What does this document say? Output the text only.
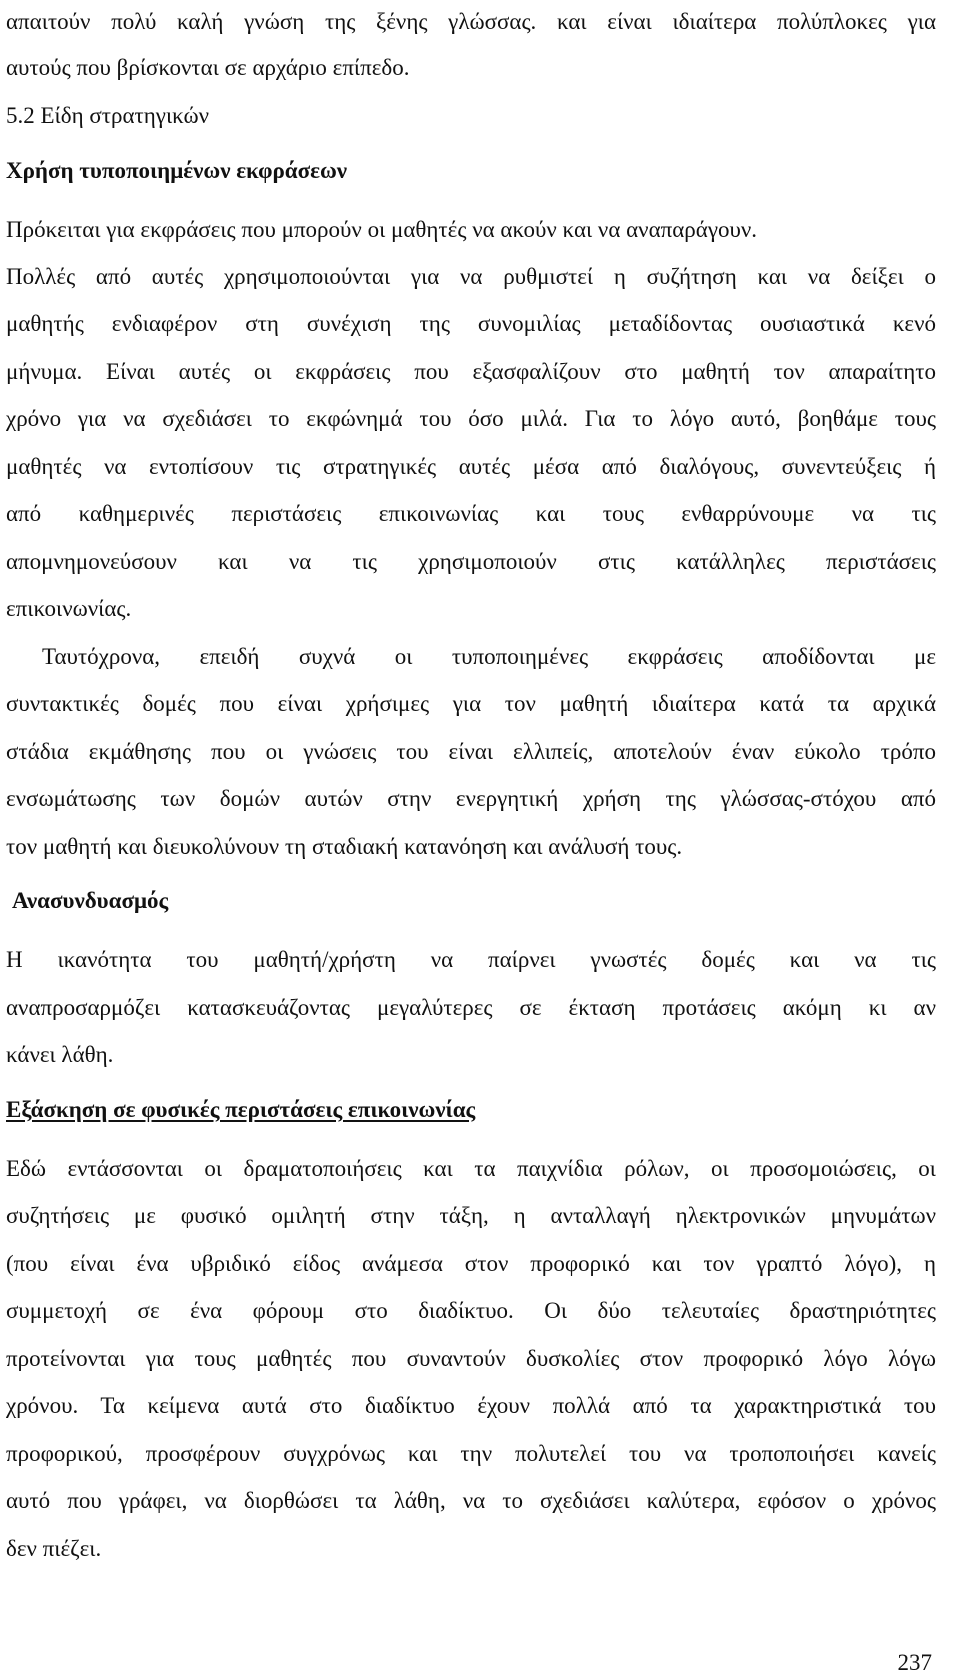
απαιτούν πολύ καλή γνώση της ξένης γλώσσας. και είναι ιδιαίτερα πολύπλοκες για
αυτούς που βρίσκονται σε αρχάριο επίπεδο.
5.2 Είδη στρατηγικών
Χρήση τυποποιημένων εκφράσεων
Πρόκειται για εκφράσεις που μπορούν οι μαθητές να ακούν και να αναπαράγουν.
Πολλές από αυτές χρησιμοποιούνται για να ρυθμιστεί η συζήτηση και να δείξει ο
μαθητής ενδιαφέρον στη συνέχιση της συνομιλίας μεταδίδοντας ουσιαστικά κενό
μήνυμα. Είναι αυτές οι εκφράσεις που εξασφαλίζουν στο μαθητή τον απαραίτητο
χρόνο για να σχεδιάσει το εκφώνημά του όσο μιλά. Για το λόγο αυτό, βοηθάμε τους
μαθητές να εντοπίσουν τις στρατηγικές αυτές μέσα από διαλόγους, συνεντεύξεις ή
από καθημερινές περιστάσεις επικοινωνίας και τους ενθαρρύνουμε να τις
απομνημονεύσουν και να τις χρησιμοποιούν στις κατάλληλες περιστάσεις
επικοινωνίας.
Ταυτόχρονα, επειδή συχνά οι τυποποιημένες εκφράσεις αποδίδονται με
συντακτικές δομές που είναι χρήσιμες για τον μαθητή ιδιαίτερα κατά τα αρχικά
στάδια εκμάθησης που οι γνώσεις του είναι ελλιπείς, αποτελούν έναν εύκολο τρόπο
ενσωμάτωσης των δομών αυτών στην ενεργητική χρήση της γλώσσας-στόχου από
τον μαθητή και διευκολύνουν τη σταδιακή κατανόηση και ανάλυσή τους.
Ανασυνδυασμός
Η ικανότητα του μαθητή/χρήστη να παίρνει γνωστές δομές και να τις
αναπροσαρμόζει κατασκευάζοντας μεγαλύτερες σε έκταση προτάσεις ακόμη κι αν
κάνει λάθη.
Εξάσκηση σε φυσικές περιστάσεις επικοινωνίας
Εδώ εντάσσονται οι δραματοποιήσεις και τα παιχνίδια ρόλων, οι προσομοιώσεις, οι
συζητήσεις με φυσικό ομιλητή στην τάξη, η ανταλλαγή ηλεκτρονικών μηνυμάτων
(που είναι ένα υβριδικό είδος ανάμεσα στον προφορικό και τον γραπτό λόγο), η
συμμετοχή σε ένα φόρουμ στο διαδίκτυο. Οι δύο τελευταίες δραστηριότητες
προτείνονται για τους μαθητές που συναντούν δυσκολίες στον προφορικό λόγο λόγω
χρόνου. Τα κείμενα αυτά στο διαδίκτυο έχουν πολλά από τα χαρακτηριστικά του
προφορικού, προσφέρουν συγχρόνως και την πολυτελεί του να τροποποιήσει κανείς
αυτό που γράφει, να διορθώσει τα λάθη, να το σχεδιάσει καλύτερα, εφόσον ο χρόνος
δεν πιέζει.
237
